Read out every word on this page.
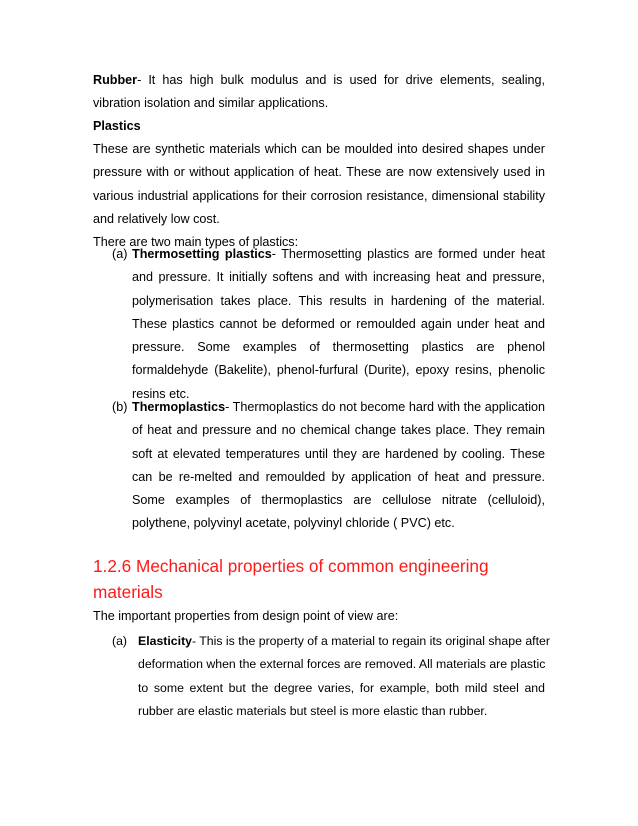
Rubber- It has high bulk modulus and is used for drive elements, sealing,
vibration isolation and similar applications.
Plastics
These are synthetic materials which can be moulded into desired shapes under
pressure with or without application of heat. These are now extensively used in
various industrial applications for their corrosion resistance, dimensional stability
and relatively low cost.
There are two main types of plastics:
(a) Thermosetting plastics- Thermosetting plastics are formed under heat
and pressure. It initially softens and with increasing heat and pressure,
polymerisation takes place. This results in hardening of the material.
These plastics cannot be deformed or remoulded again under heat and
pressure. Some examples of thermosetting plastics are phenol
formaldehyde (Bakelite), phenol-furfural (Durite), epoxy resins, phenolic
resins etc.
(b) Thermoplastics- Thermoplastics do not become hard with the application
of heat and pressure and no chemical change takes place. They remain
soft at elevated temperatures until they are hardened by cooling. These
can be re-melted and remoulded by application of heat and pressure.
Some examples of thermoplastics are cellulose nitrate (celluloid),
polythene, polyvinyl acetate, polyvinyl chloride ( PVC) etc.
1.2.6 Mechanical properties of common engineering
materials
The important properties from design point of view are:
(a) Elasticity- This is the property of a material to regain its original shape after
deformation when the external forces are removed. All materials are plastic
to some extent but the degree varies, for example, both mild steel and
rubber are elastic materials but steel is more elastic than rubber.
